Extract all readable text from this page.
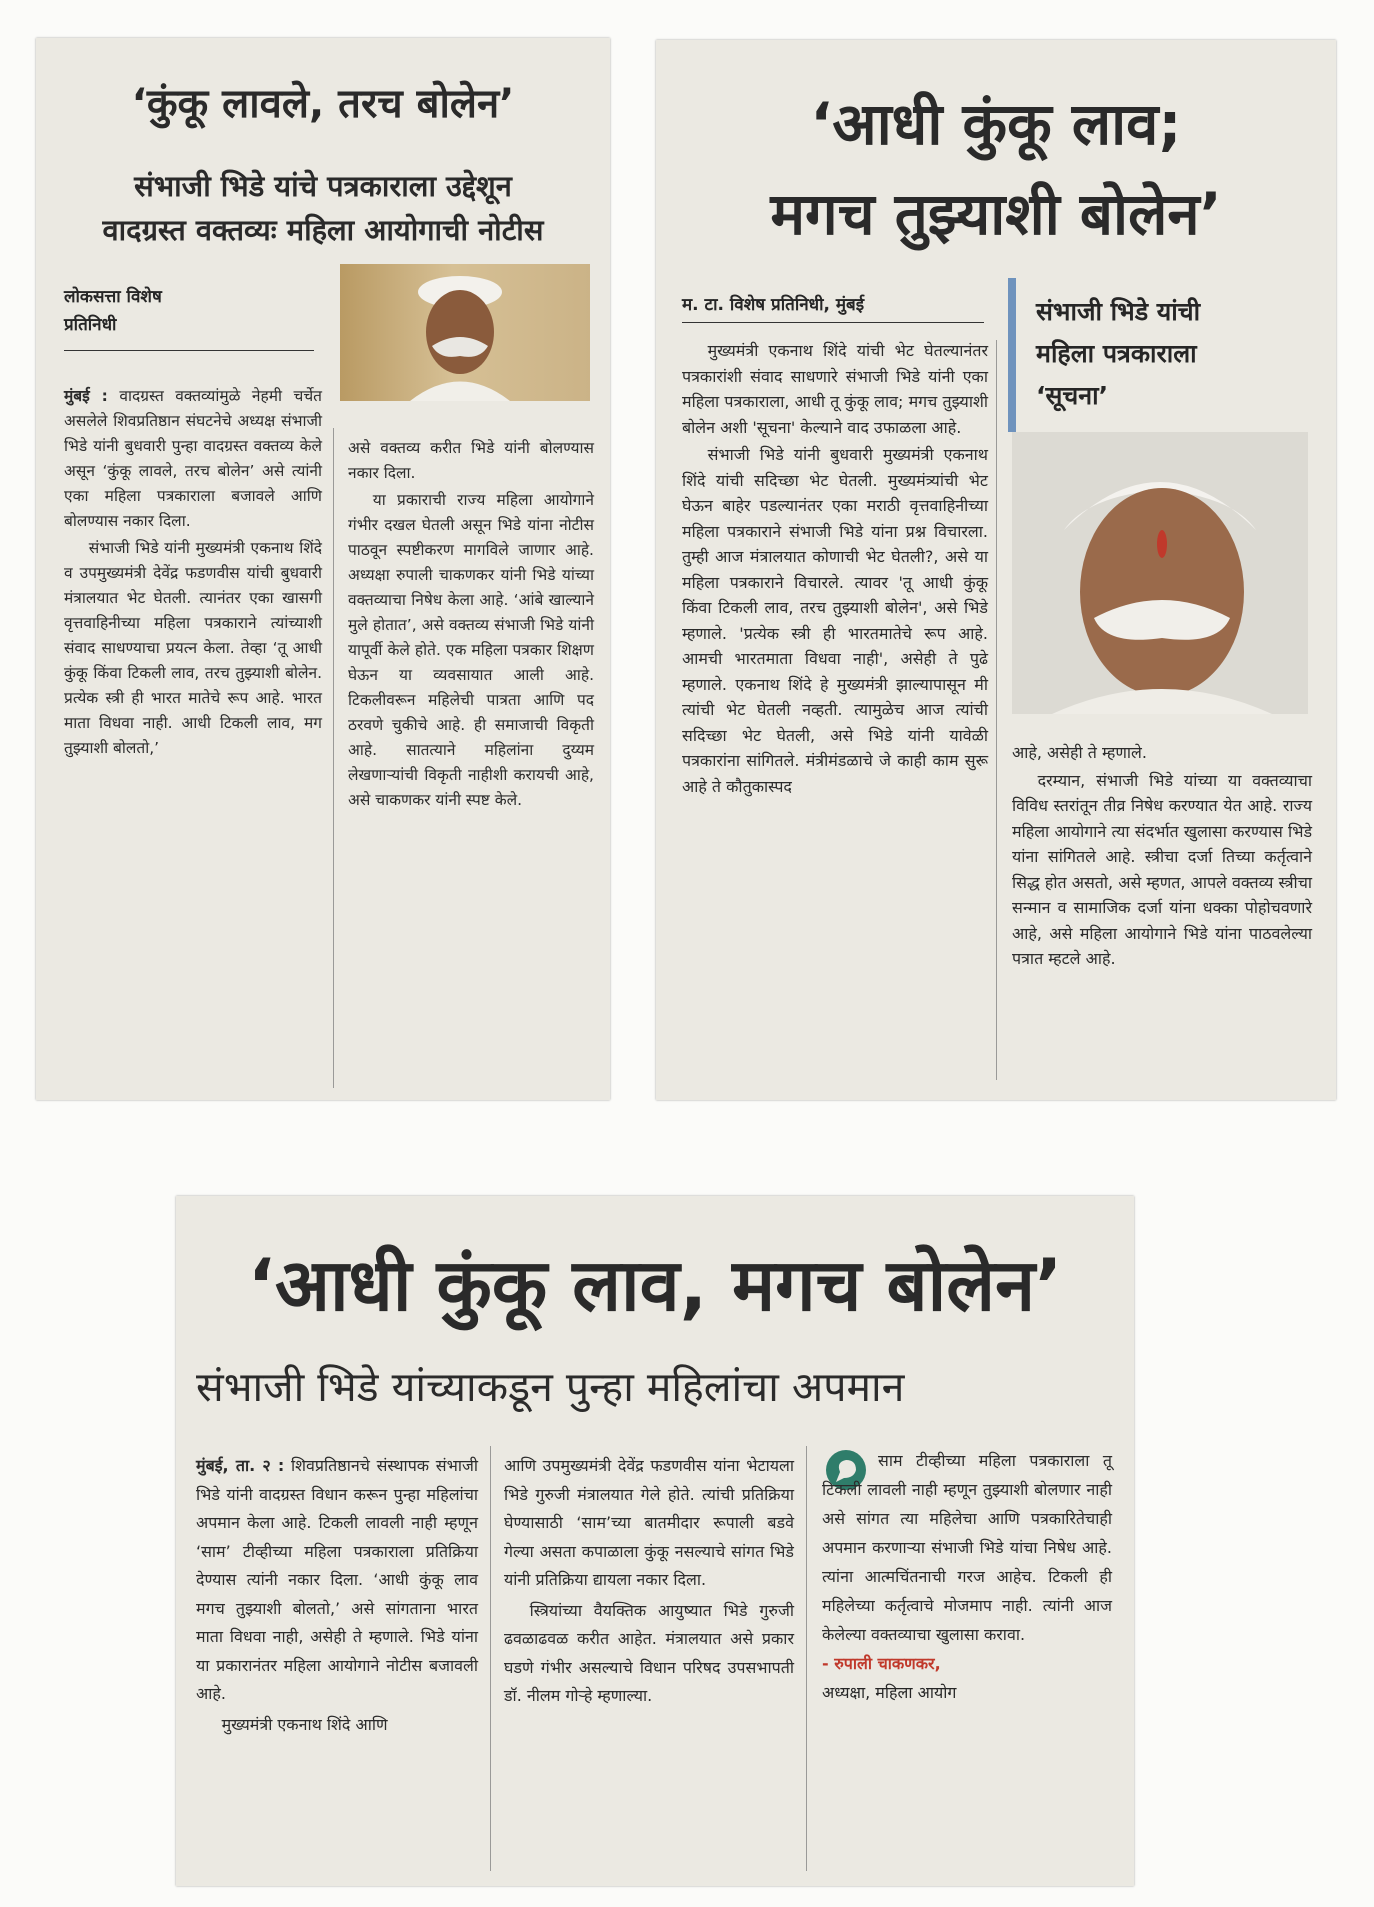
‘कुंकू लावले, तरच बोलेन’
संभाजी भिडे यांचे पत्रकाराला उद्देशून
वादग्रस्त वक्तव्यः महिला आयोगाची नोटीस
लोकसत्ता विशेष
प्रतिनिधी

मुंबई : वादग्रस्त वक्तव्यांमुळे नेहमी चर्चेत असलेले शिवप्रतिष्ठान संघटनेचे अध्यक्ष संभाजी भिडे यांनी बुधवारी पुन्हा वादग्रस्त वक्तव्य केले असून ‘कुंकू लावले, तरच बोलेन’ असे त्यांनी एका महिला पत्रकाराला बजावले आणि बोलण्यास नकार दिला.

संभाजी भिडे यांनी मुख्यमंत्री एकनाथ शिंदे व उपमुख्यमंत्री देवेंद्र फडणवीस यांची बुधवारी मंत्रालयात भेट घेतली. त्यानंतर एका खासगी वृत्तवाहिनीच्या महिला पत्रकाराने त्यांच्याशी संवाद साधण्याचा प्रयत्न केला. तेव्हा ‘तू आधी कुंकू किंवा टिकली लाव, तरच तुझ्याशी बोलेन. प्रत्येक स्त्री ही भारत मातेचे रूप आहे. भारत माता विधवा नाही. आधी टिकली लाव, मग तुझ्याशी बोलतो,’

असे वक्तव्य करीत भिडे यांनी बोलण्यास नकार दिला.

या प्रकाराची राज्य महिला आयोगाने गंभीर दखल घेतली असून भिडे यांना नोटीस पाठवून स्पष्टीकरण मागविले जाणार आहे. अध्यक्षा रुपाली चाकणकर यांनी भिडे यांच्या वक्तव्याचा निषेध केला आहे. ‘आंबे खाल्याने मुले होतात’, असे वक्तव्य संभाजी भिडे यांनी यापूर्वी केले होते. एक महिला पत्रकार शिक्षण घेऊन या व्यवसायात आली आहे. टिकलीवरून महिलेची पात्रता आणि पद ठरवणे चुकीचे आहे. ही समाजाची विकृती आहे. सातत्याने महिलांना दुय्यम लेखणाऱ्यांची विकृती नाहीशी करायची आहे, असे चाकणकर यांनी स्पष्ट केले.

‘आधी कुंकू लाव;
मगच तुझ्याशी बोलेन’
म. टा. विशेष प्रतिनिधी, मुंबई	संभाजी भिडे यांची
महिला पत्रकाराला
‘सूचना’

मुख्यमंत्री एकनाथ शिंदे यांची भेट घेतल्यानंतर पत्रकारांशी संवाद साधणारे संभाजी भिडे यांनी एका महिला पत्रकाराला, आधी तू कुंकू लाव; मगच तुझ्याशी बोलेन अशी 'सूचना' केल्याने वाद उफाळला आहे.

संभाजी भिडे यांनी बुधवारी मुख्यमंत्री एकनाथ शिंदे यांची सदिच्छा भेट घेतली. मुख्यमंत्र्यांची भेट घेऊन बाहेर पडल्यानंतर एका मराठी वृत्तवाहिनीच्या महिला पत्रकाराने संभाजी भिडे यांना प्रश्न विचारला. तुम्ही आज मंत्रालयात कोणाची भेट घेतली?, असे या महिला पत्रकाराने विचारले. त्यावर 'तू आधी कुंकू किंवा टिकली लाव, तरच तुझ्याशी बोलेन', असे भिडे म्हणाले. 'प्रत्येक स्त्री ही भारतमातेचे रूप आहे. आमची भारतमाता विधवा नाही', असेही ते पुढे म्हणाले. एकनाथ शिंदे हे मुख्यमंत्री झाल्यापासून मी त्यांची भेट घेतली नव्हती. त्यामुळेच आज त्यांची सदिच्छा भेट घेतली, असे भिडे यांनी यावेळी पत्रकारांना सांगितले. मंत्रीमंडळाचे जे काही काम सुरू आहे ते कौतुकास्पद

आहे, असेही ते म्हणाले.

दरम्यान, संभाजी भिडे यांच्या या वक्तव्याचा विविध स्तरांतून तीव्र निषेध करण्यात येत आहे. राज्य महिला आयोगाने त्या संदर्भात खुलासा करण्यास भिडे यांना सांगितले आहे. स्त्रीचा दर्जा तिच्या कर्तृत्वाने सिद्ध होत असतो, असे म्हणत, आपले वक्तव्य स्त्रीचा सन्मान व सामाजिक दर्जा यांना धक्का पोहोचवणारे आहे, असे महिला आयोगाने भिडे यांना पाठवलेल्या पत्रात म्हटले आहे.

‘आधी कुंकू लाव, मगच बोलेन’
संभाजी भिडे यांच्याकडून पुन्हा महिलांचा अपमान

मुंबई, ता. २ : शिवप्रतिष्ठानचे संस्थापक संभाजी भिडे यांनी वादग्रस्त विधान करून पुन्हा महिलांचा अपमान केला आहे. टिकली लावली नाही म्हणून ‘साम’ टीव्हीच्या महिला पत्रकाराला प्रतिक्रिया देण्यास त्यांनी नकार दिला. ‘आधी कुंकू लाव मगच तुझ्याशी बोलतो,’ असे सांगताना भारत माता विधवा नाही, असेही ते म्हणाले. भिडे यांना या प्रकारानंतर महिला आयोगाने नोटीस बजावली आहे.

मुख्यमंत्री एकनाथ शिंदे आणि

आणि उपमुख्यमंत्री देवेंद्र फडणवीस यांना भेटायला भिडे गुरुजी मंत्रालयात गेले होते. त्यांची प्रतिक्रिया घेण्यासाठी ‘साम’च्या बातमीदार रूपाली बडवे गेल्या असता कपाळाला कुंकू नसल्याचे सांगत भिडे यांनी प्रतिक्रिया द्यायला नकार दिला.

स्त्रियांच्या वैयक्तिक आयुष्यात भिडे गुरुजी ढवळाढवळ करीत आहेत. मंत्रालयात असे प्रकार घडणे गंभीर असल्याचे विधान परिषद उपसभापती डॉ. नीलम गोऱ्हे म्हणाल्या.

साम टीव्हीच्या महिला पत्रकाराला तू टिकली लावली नाही म्हणून तुझ्याशी बोलणार नाही असे सांगत त्या महिलेचा आणि पत्रकारितेचाही अपमान करणाऱ्या संभाजी भिडे यांचा निषेध आहे. त्यांना आत्मचिंतनाची गरज आहेच. टिकली ही महिलेच्या कर्तृत्वाचे मोजमाप नाही. त्यांनी आज केलेल्या वक्तव्याचा खुलासा करावा.
- रुपाली चाकणकर,
अध्यक्षा, महिला आयोग
